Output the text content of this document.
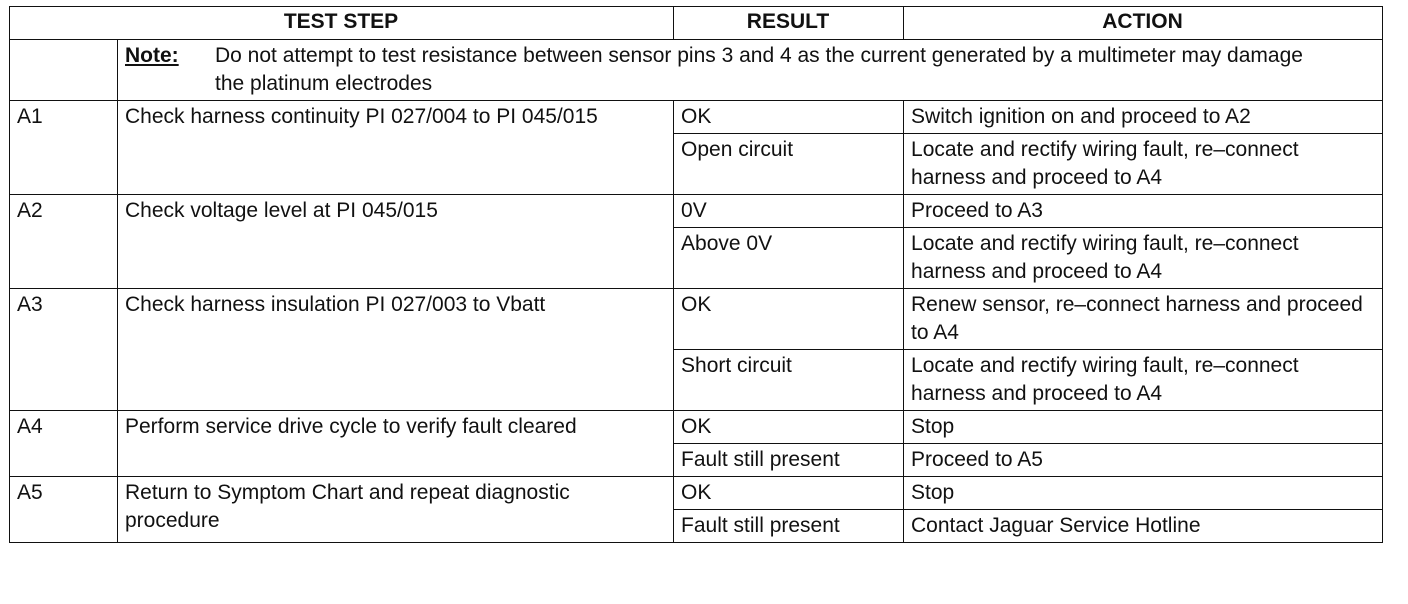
TEST STEP		RESULT	ACTION
	Note: Do not attempt to test resistance between sensor pins 3 and 4 as the current generated by a multimeter may damage the platinum electrodes		
A1	Check harness continuity PI 027/004 to PI 045/015	OK	Switch ignition on and proceed to A2
		Open circuit	Locate and rectify wiring fault, re–connect harness and proceed to A4
A2	Check voltage level at PI 045/015	0V	Proceed to A3
		Above 0V	Locate and rectify wiring fault, re–connect harness and proceed to A4
A3	Check harness insulation PI 027/003 to Vbatt	OK	Renew sensor, re–connect harness and proceed to A4
		Short circuit	Locate and rectify wiring fault, re–connect harness and proceed to A4
A4	Perform service drive cycle to verify fault cleared	OK	Stop
		Fault still present	Proceed to A5
A5	Return to Symptom Chart and repeat diagnostic procedure	OK	Stop
		Fault still present	Contact Jaguar Service Hotline
